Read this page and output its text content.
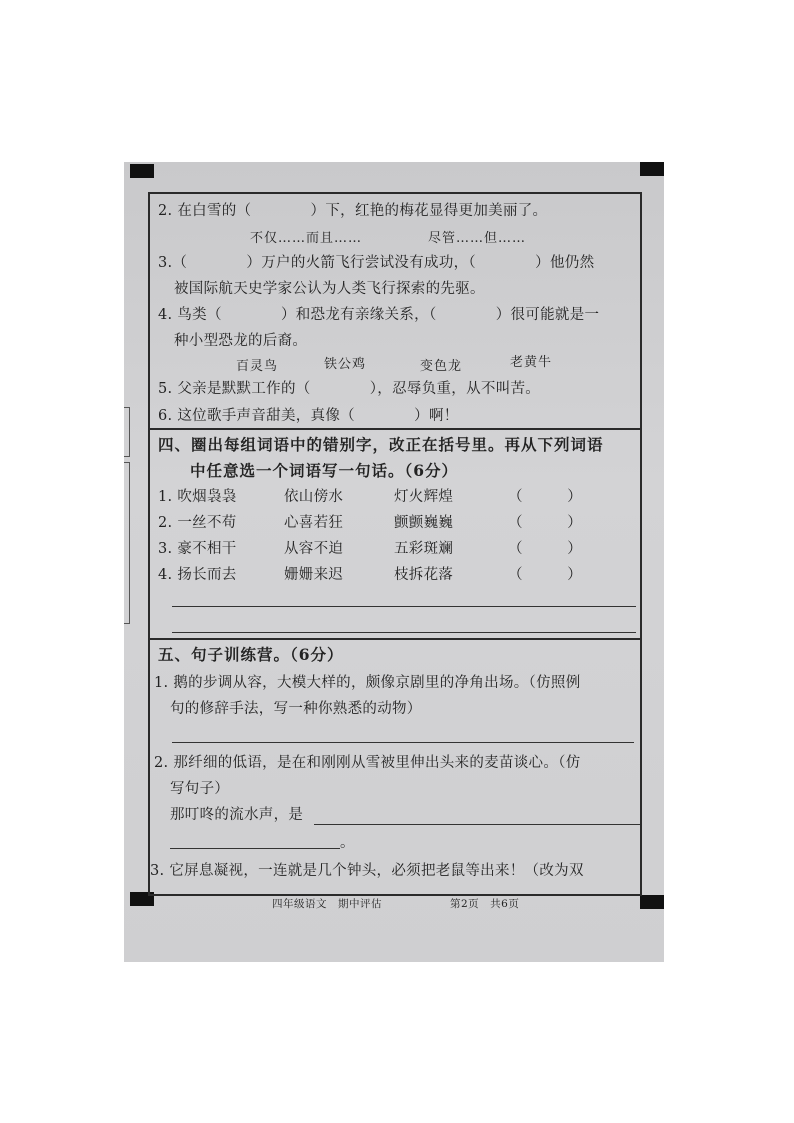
2. 在白雪的（　　　　）下，红艳的梅花显得更加美丽了。
不仅……而且……	尽管……但……
3.（　　　　）万户的火箭飞行尝试没有成功，（　　　　）他仍然
被国际航天史学家公认为人类飞行探索的先驱。
4. 鸟类（　　　　）和恐龙有亲缘关系，（　　　　）很可能就是一
种小型恐龙的后裔。
百灵鸟	铁公鸡	变色龙	老黄牛
5. 父亲是默默工作的（　　　　），忍辱负重，从不叫苦。
6. 这位歌手声音甜美，真像（　　　　）啊！
四、圈出每组词语中的错别字，改正在括号里。再从下列词语
中任意选一个词语写一句话。（6分）
1. 吹烟袅袅	依山傍水	灯火辉煌	（　　　）
2. 一丝不苟	心喜若狂	颤颤巍巍	（　　　）
3. 豪不相干	从容不迫	五彩斑斓	（　　　）
4. 扬长而去	姗姗来迟	枝拆花落	（　　　）
五、句子训练营。（6分）
1. 鹅的步调从容，大模大样的，颇像京剧里的净角出场。（仿照例
句的修辞手法，写一种你熟悉的动物）
2. 那纤细的低语，是在和刚刚从雪被里伸出头来的麦苗谈心。（仿
写句子）
那叮咚的流水声，是
。
3. 它屏息凝视，一连就是几个钟头，必须把老鼠等出来！（改为双
四年级语文　期中评估	第2页　共6页
